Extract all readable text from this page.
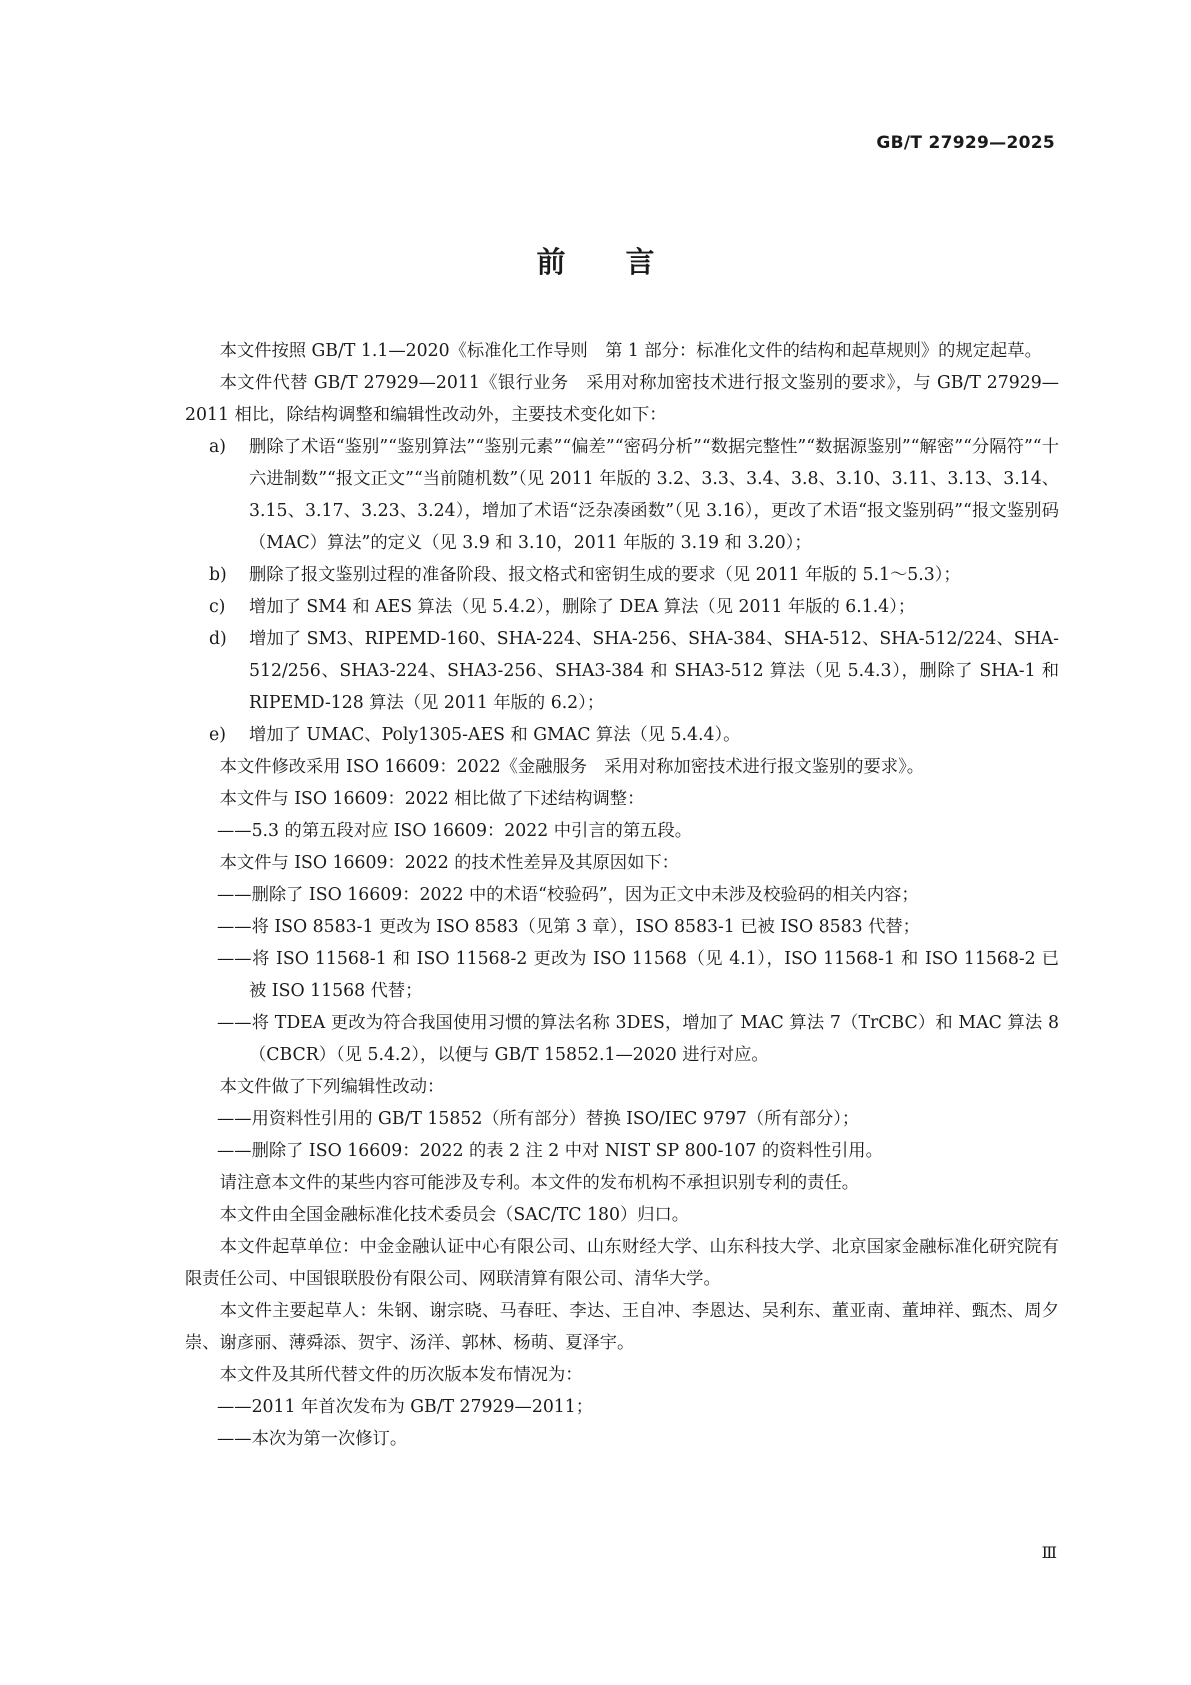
GB/T 27929—2025
前言

本文件按照 GB/T 1.1—2020《标准化工作导则　第 1 部分：标准化文件的结构和起草规则》的规定起草。

本文件代替 GB/T 27929—2011《银行业务　采用对称加密技术进行报文鉴别的要求》，与 GB/T 27929—2011 相比，除结构调整和编辑性改动外，主要技术变化如下：

a) 删除了术语“鉴别”“鉴别算法”“鉴别元素”“偏差”“密码分析”“数据完整性”“数据源鉴别”“解密”“分隔符”“十六进制数”“报文正文”“当前随机数”（见 2011 年版的 3.2、3.3、3.4、3.8、3.10、3.11、3.13、3.14、3.15、3.17、3.23、3.24），增加了术语“泛杂凑函数”（见 3.16），更改了术语“报文鉴别码”“报文鉴别码（MAC）算法”的定义（见 3.9 和 3.10，2011 年版的 3.19 和 3.20）；

b) 删除了报文鉴别过程的准备阶段、报文格式和密钥生成的要求（见 2011 年版的 5.1～5.3）；

c) 增加了 SM4 和 AES 算法（见 5.4.2），删除了 DEA 算法（见 2011 年版的 6.1.4）；

d) 增加了 SM3、RIPEMD-160、SHA-224、SHA-256、SHA-384、SHA-512、SHA-512/224、SHA-512/256、SHA3-224、SHA3-256、SHA3-384 和 SHA3-512 算法（见 5.4.3），删除了 SHA-1 和 RIPEMD-128 算法（见 2011 年版的 6.2）；

e) 增加了 UMAC、Poly1305-AES 和 GMAC 算法（见 5.4.4）。

本文件修改采用 ISO 16609：2022《金融服务　采用对称加密技术进行报文鉴别的要求》。

本文件与 ISO 16609：2022 相比做了下述结构调整：

——5.3 的第五段对应 ISO 16609：2022 中引言的第五段。

本文件与 ISO 16609：2022 的技术性差异及其原因如下：

——删除了 ISO 16609：2022 中的术语“校验码”，因为正文中未涉及校验码的相关内容；

——将 ISO 8583-1 更改为 ISO 8583（见第 3 章），ISO 8583-1 已被 ISO 8583 代替；

——将 ISO 11568-1 和 ISO 11568-2 更改为 ISO 11568（见 4.1），ISO 11568-1 和 ISO 11568-2 已被 ISO 11568 代替；

——将 TDEA 更改为符合我国使用习惯的算法名称 3DES，增加了 MAC 算法 7（TrCBC）和 MAC 算法 8（CBCR）（见 5.4.2），以便与 GB/T 15852.1—2020 进行对应。

本文件做了下列编辑性改动：

——用资料性引用的 GB/T 15852（所有部分）替换 ISO/IEC 9797（所有部分）；

——删除了 ISO 16609：2022 的表 2 注 2 中对 NIST SP 800-107 的资料性引用。

请注意本文件的某些内容可能涉及专利。本文件的发布机构不承担识别专利的责任。

本文件由全国金融标准化技术委员会（SAC/TC 180）归口。

本文件起草单位：中金金融认证中心有限公司、山东财经大学、山东科技大学、北京国家金融标准化研究院有限责任公司、中国银联股份有限公司、网联清算有限公司、清华大学。

本文件主要起草人：朱钢、谢宗晓、马春旺、李达、王自冲、李恩达、吴利东、董亚南、董坤祥、甄杰、周夕崇、谢彦丽、薄舜添、贺宇、汤洋、郭林、杨萌、夏泽宇。

本文件及其所代替文件的历次版本发布情况为：

——2011 年首次发布为 GB/T 27929—2011；

——本次为第一次修订。

Ⅲ
